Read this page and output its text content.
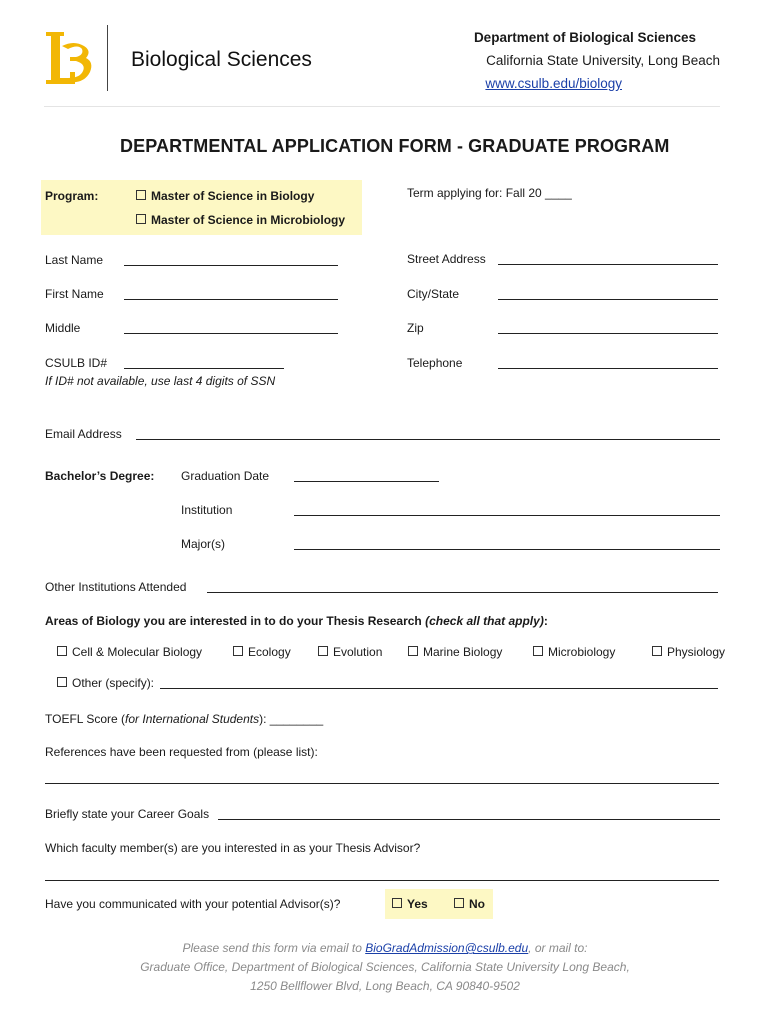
Biological Sciences
Department of Biological Sciences
California State University, Long Beach
www.csulb.edu/biology
DEPARTMENTAL APPLICATION FORM - GRADUATE PROGRAM
Program:	Master of Science in Biology
Master of Science in Microbiology
Term applying for: Fall 20 ____
Last Name
First Name
Middle
CSULB ID#
If ID# not available, use last 4 digits of SSN
Street Address
City/State
Zip
Telephone
Email Address
Bachelor’s Degree: Graduation Date
Institution
Major(s)
Other Institutions Attended
Areas of Biology you are interested in to do your Thesis Research (check all that apply):
Cell & Molecular Biology	Ecology	Evolution	Marine Biology	Microbiology	Physiology
Other (specify):
TOEFL Score (for International Students): ________
References have been requested from (please list):
Briefly state your Career Goals
Which faculty member(s) are you interested in as your Thesis Advisor?
Have you communicated with your potential Advisor(s)?	Yes	No
Please send this form via email to BioGradAdmission@csulb.edu, or mail to:
Graduate Office, Department of Biological Sciences, California State University Long Beach,
1250 Bellflower Blvd, Long Beach, CA 90840-9502
